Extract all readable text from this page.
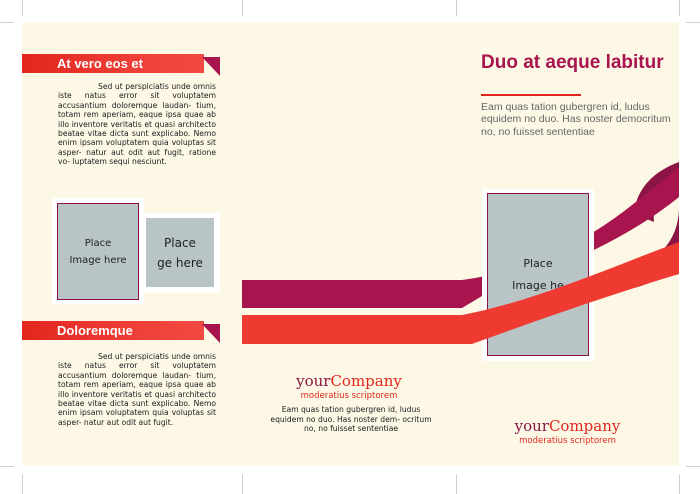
At vero eos et
Sed ut perspiciatis unde omnis iste natus error sit voluptatem accusantium doloremque laudan- tium, totam rem aperiam, eaque ipsa quae ab illo inventore veritatis et quasi architecto beatae vitae dicta sunt explicabo. Nemo enim ipsam voluptatem quia voluptas sit asper- natur aut odit aut fugit, ratione vo- luptatem sequi nesciunt.
Place
ge here
Place
Image here
Doloremque
Sed ut perspiciatis unde omnis iste natus error sit voluptatem accusantium doloremque laudan- tium, totam rem aperiam, eaque ipsa quae ab illo inventore veritatis et quasi architecto beatae vitae dicta sunt explicabo. Nemo enim ipsam voluptatem quia voluptas sit asper- natur aut odit aut fugit.
Place
Image he
yourCompany
moderatius scriptorem
Eam quas tation gubergren id, ludus equidem no duo. Has noster dem- ocritum no, no fuisset sententiae
Duo at aeque labitur
Eam quas tation gubergren id, ludus equidem no duo. Has noster democritum no, no fuisset sententiae
yourCompany
moderatius scriptorem
